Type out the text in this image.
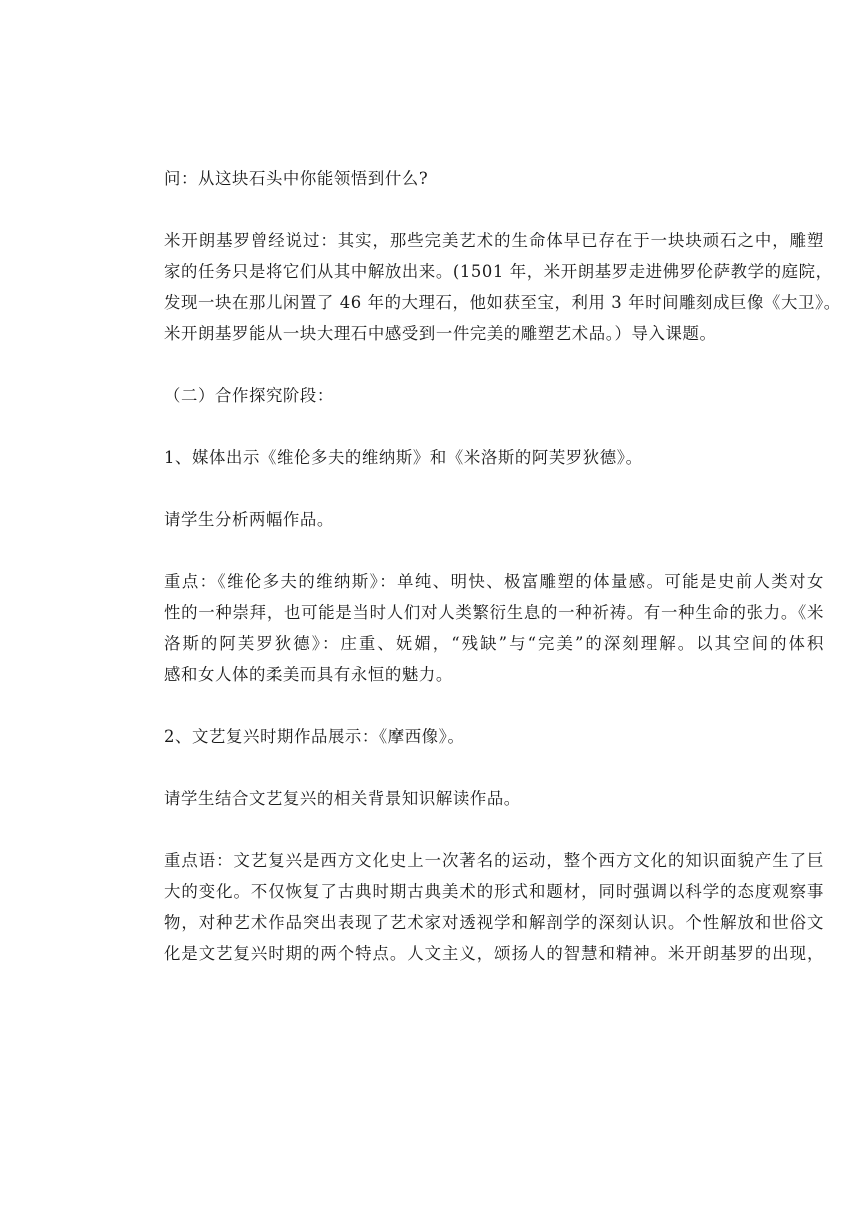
问：从这块石头中你能领悟到什么?

米开朗基罗曾经说过：其实，那些完美艺术的生命体早已存在于一块块顽石之中，雕塑
家的任务只是将它们从其中解放出来。(1501 年，米开朗基罗走进佛罗伦萨教学的庭院，
发现一块在那儿闲置了 46 年的大理石，他如获至宝，利用 3 年时间雕刻成巨像《大卫》。
米开朗基罗能从一块大理石中感受到一件完美的雕塑艺术品。）导入课题。

（二）合作探究阶段：

1、媒体出示《维伦多夫的维纳斯》和《米洛斯的阿芙罗狄德》。

请学生分析两幅作品。

重点：《维伦多夫的维纳斯》：单纯、明快、极富雕塑的体量感。可能是史前人类对女
性的一种崇拜，也可能是当时人们对人类繁衍生息的一种祈祷。有一种生命的张力。《米
洛斯的阿芙罗狄德》：庄重、妩媚，“残缺”与“完美”的深刻理解。以其空间的体积
感和女人体的柔美而具有永恒的魅力。

2、文艺复兴时期作品展示：《摩西像》。

请学生结合文艺复兴的相关背景知识解读作品。

重点语：文艺复兴是西方文化史上一次著名的运动，整个西方文化的知识面貌产生了巨
大的变化。不仅恢复了古典时期古典美术的形式和题材，同时强调以科学的态度观察事
物，对种艺术作品突出表现了艺术家对透视学和解剖学的深刻认识。个性解放和世俗文
化是文艺复兴时期的两个特点。人文主义，颂扬人的智慧和精神。米开朗基罗的出现，
